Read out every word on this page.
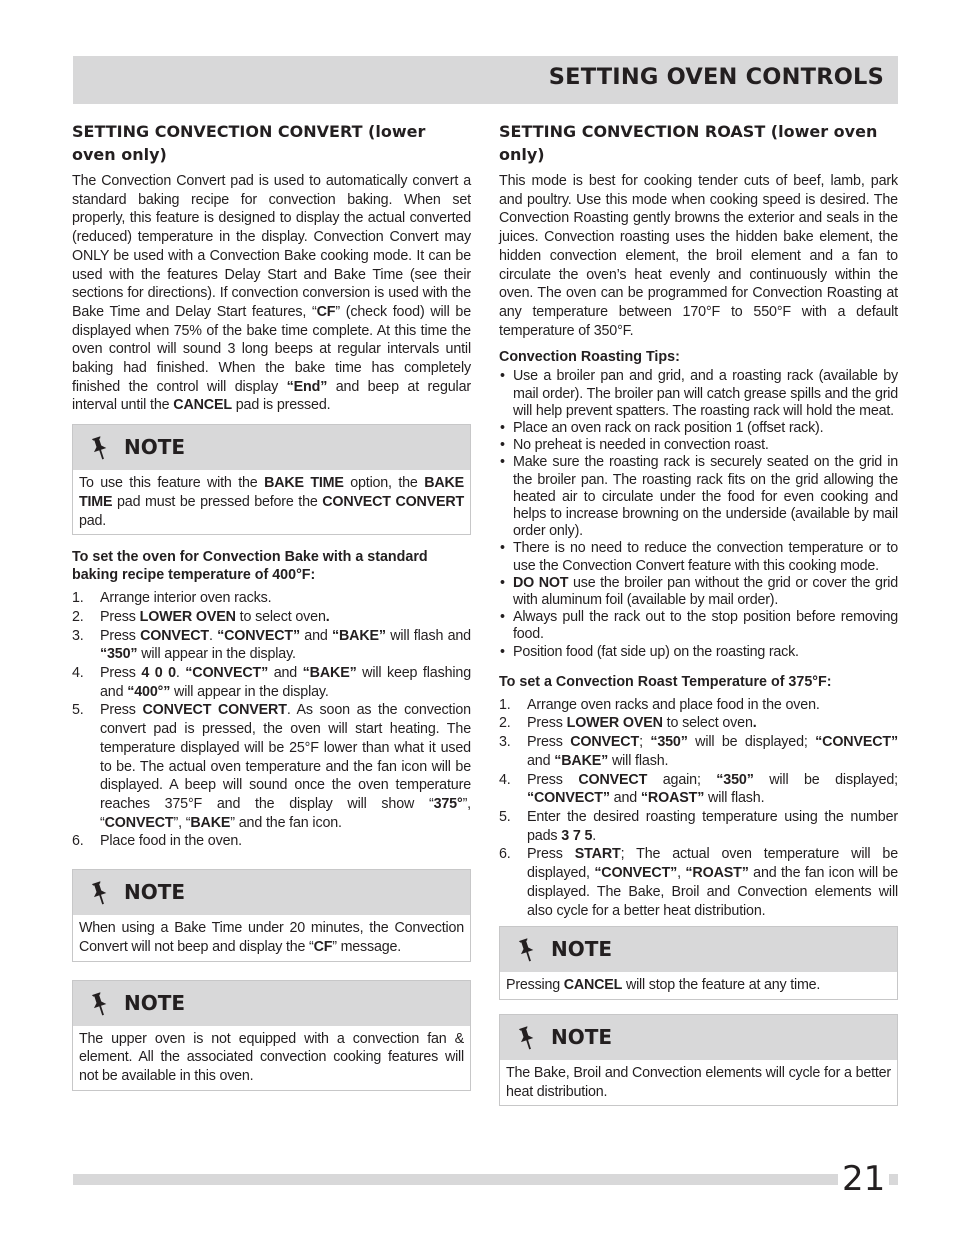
SETTING OVEN CONTROLS
SETTING CONVECTION CONVERT (lower oven only)

The Convection Convert pad is used to automatically convert a standard baking recipe for convection baking. When set properly, this feature is designed to display the actual converted (reduced) temperature in the display. Convection Convert may ONLY be used with a Convection Bake cooking mode. It can be used with the features Delay Start and Bake Time (see their sections for directions). If convection conversion is used with the Bake Time and Delay Start features, “CF” (check food) will be displayed when 75% of the bake time complete. At this time the oven control will sound 3 long beeps at regular intervals until baking had finished. When the bake time has completely finished the control will display “End” and beep at regular interval until the CANCEL pad is pressed.

NOTE
To use this feature with the BAKE TIME option, the BAKE TIME pad must be pressed before the CONVECT CONVERT pad.
To set the oven for Convection Bake with a standard baking recipe temperature of 400°F:
1. Arrange interior oven racks.
2. Press LOWER OVEN to select oven.
3. Press CONVECT. “CONVECT” and “BAKE” will flash and “350” will appear in the display.
4. Press 4 0 0. “CONVECT” and “BAKE” will keep flashing and “400°” will appear in the display.
5. Press CONVECT CONVERT. As soon as the convection convert pad is pressed, the oven will start heating. The temperature displayed will be 25°F lower than what it used to be. The actual oven temperature and the fan icon will be displayed. A beep will sound once the oven temperature reaches 375°F and the display will show “375°”, “CONVECT”, “BAKE” and the fan icon.
6. Place food in the oven.
NOTE
When using a Bake Time under 20 minutes, the Convection Convert will not beep and display the “CF” message.
NOTE
The upper oven is not equipped with a convection fan & element. All the associated convection cooking features will not be available in this oven.
SETTING CONVECTION ROAST (lower oven only)

This mode is best for cooking tender cuts of beef, lamb, park and poultry. Use this mode when cooking speed is desired. The Convection Roasting gently browns the exterior and seals in the juices. Convection roasting uses the hidden bake element, the hidden convection element, the broil element and a fan to circulate the oven’s heat evenly and continuously within the oven. The oven can be programmed for Convection Roasting at any temperature between 170°F to 550°F with a default temperature of 350°F.

Convection Roasting Tips:
• Use a broiler pan and grid, and a roasting rack (available by mail order). The broiler pan will catch grease spills and the grid will help prevent spatters. The roasting rack will hold the meat.
• Place an oven rack on rack position 1 (offset rack).
• No preheat is needed in convection roast.
• Make sure the roasting rack is securely seated on the grid in the broiler pan. The roasting rack fits on the grid allowing the heated air to circulate under the food for even cooking and helps to increase browning on the underside (available by mail order only).
• There is no need to reduce the convection temperature or to use the Convection Convert feature with this cooking mode.
• DO NOT use the broiler pan without the grid or cover the grid with aluminum foil (available by mail order).
• Always pull the rack out to the stop position before removing food.
• Position food (fat side up) on the roasting rack.
To set a Convection Roast Temperature of 375°F:
1. Arrange oven racks and place food in the oven.
2. Press LOWER OVEN to select oven.
3. Press CONVECT; “350” will be displayed; “CONVECT” and “BAKE” will flash.
4. Press CONVECT again; “350” will be displayed; “CONVECT” and “ROAST” will flash.
5. Enter the desired roasting temperature using the number pads 3 7 5.
6. Press START; The actual oven temperature will be displayed, “CONVECT”, “ROAST” and the fan icon will be displayed. The Bake, Broil and Convection elements will also cycle for a better heat distribution.
NOTE
Pressing CANCEL will stop the feature at any time.
NOTE
The Bake, Broil and Convection elements will cycle for a better heat distribution.
21
